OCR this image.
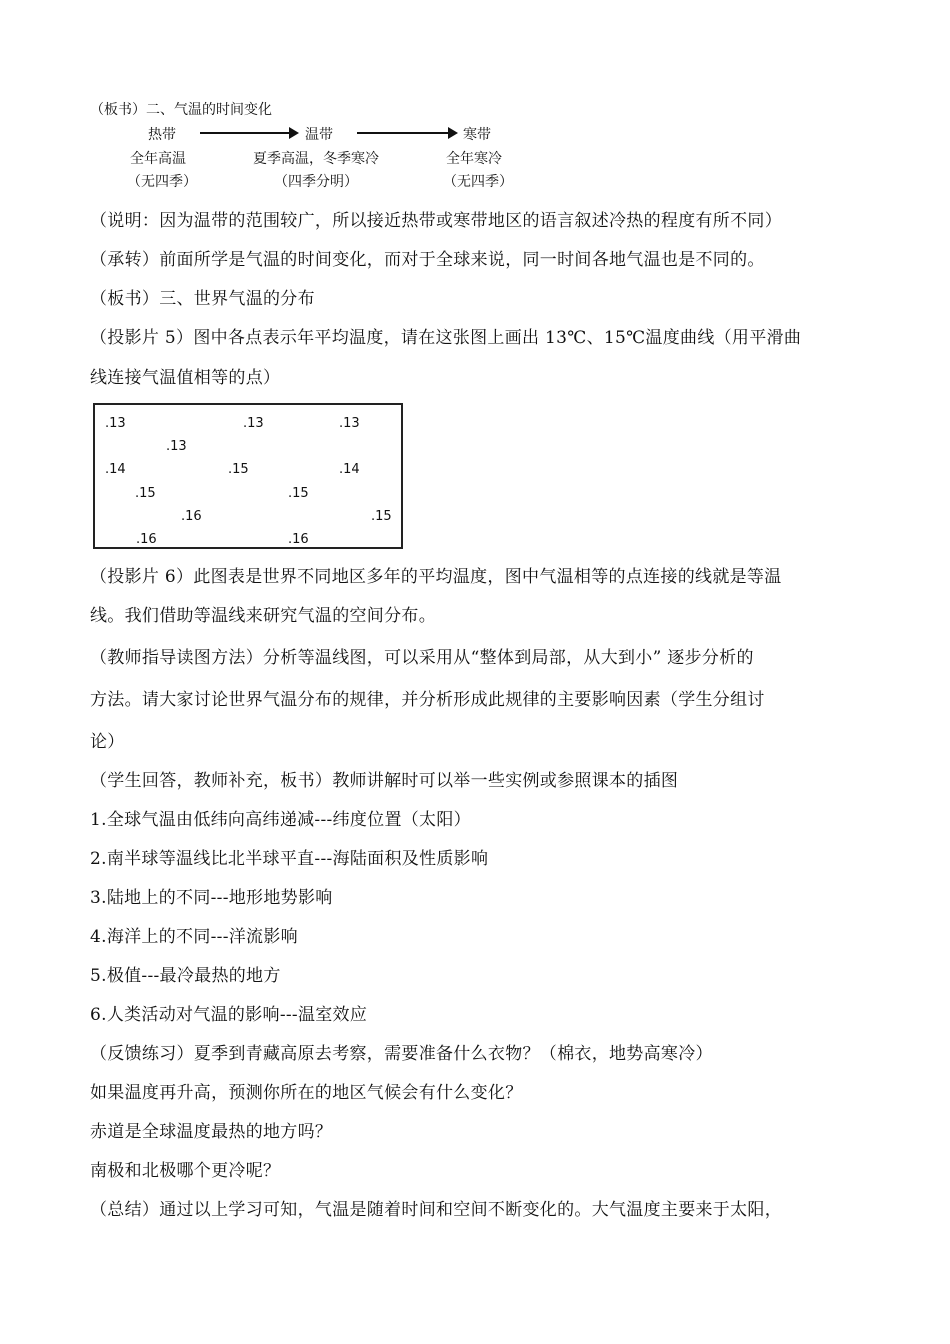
（板书）二、气温的时间变化
热带	温带	寒带
全年高温	夏季高温，冬季寒冷	全年寒冷
（无四季）	（四季分明）	（无四季）
（说明：因为温带的范围较广，所以接近热带或寒带地区的语言叙述冷热的程度有所不同）
（承转）前面所学是气温的时间变化，而对于全球来说，同一时间各地气温也是不同的。
（板书）三、世界气温的分布
（投影片 5）图中各点表示年平均温度，请在这张图上画出 13℃、15℃温度曲线（用平滑曲
线连接气温值相等的点）
.13	.13	.13
.13
.14	.15	.14
.15	.15
.16	.15
.16	.16
（投影片 6）此图表是世界不同地区多年的平均温度，图中气温相等的点连接的线就是等温
线。我们借助等温线来研究气温的空间分布。
（教师指导读图方法）分析等温线图，可以采用从“整体到局部，从大到小” 逐步分析的
方法。请大家讨论世界气温分布的规律，并分析形成此规律的主要影响因素（学生分组讨
论）
（学生回答，教师补充，板书）教师讲解时可以举一些实例或参照课本的插图
1.全球气温由低纬向高纬递减---纬度位置（太阳）
2.南半球等温线比北半球平直---海陆面积及性质影响
3.陆地上的不同---地形地势影响
4.海洋上的不同---洋流影响
5.极值---最冷最热的地方
6.人类活动对气温的影响---温室效应
（反馈练习）夏季到青藏高原去考察，需要准备什么衣物？（棉衣，地势高寒冷）
如果温度再升高，预测你所在的地区气候会有什么变化？
赤道是全球温度最热的地方吗？
南极和北极哪个更冷呢？
（总结）通过以上学习可知，气温是随着时间和空间不断变化的。大气温度主要来于太阳，
